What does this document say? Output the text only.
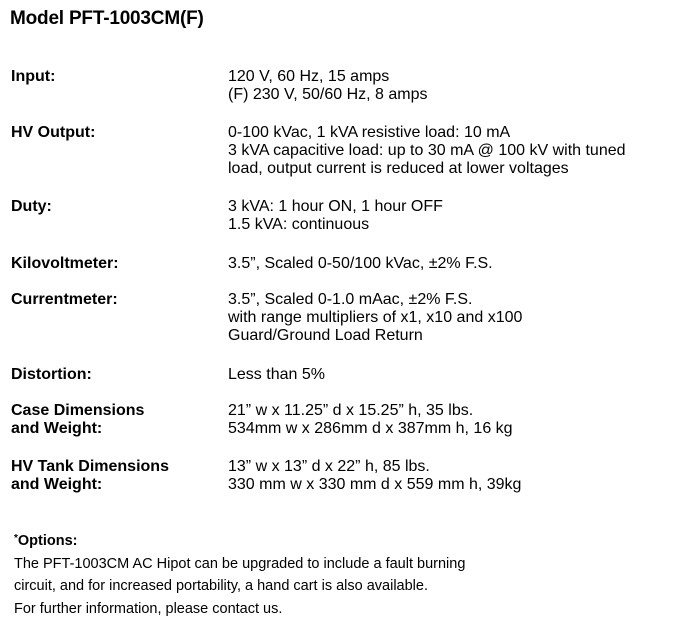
Model PFT-1003CM(F)
Input:	120 V, 60 Hz, 15 amps
(F) 230 V, 50/60 Hz, 8 amps
HV Output:	0-100 kVac, 1 kVA resistive load: 10 mA
3 kVA capacitive load: up to 30 mA @ 100 kV with tuned
load, output current is reduced at lower voltages
Duty:	3 kVA: 1 hour ON, 1 hour OFF
1.5 kVA: continuous
Kilovoltmeter:	3.5”, Scaled 0-50/100 kVac, ±2% F.S.
Currentmeter:	3.5”, Scaled 0-1.0 mAac, ±2% F.S.
with range multipliers of x1, x10 and x100
Guard/Ground Load Return
Distortion:	Less than 5%
Case Dimensions
and Weight:
21” w x 11.25” d x 15.25” h, 35 lbs.
534mm w x 286mm d x 387mm h, 16 kg
HV Tank Dimensions
and Weight:
13” w x 13” d x 22” h, 85 lbs.
330 mm w x 330 mm d x 559 mm h, 39kg
*Options:
The PFT-1003CM AC Hipot can be upgraded to include a fault burning
circuit, and for increased portability, a hand cart is also available.
For further information, please contact us.
